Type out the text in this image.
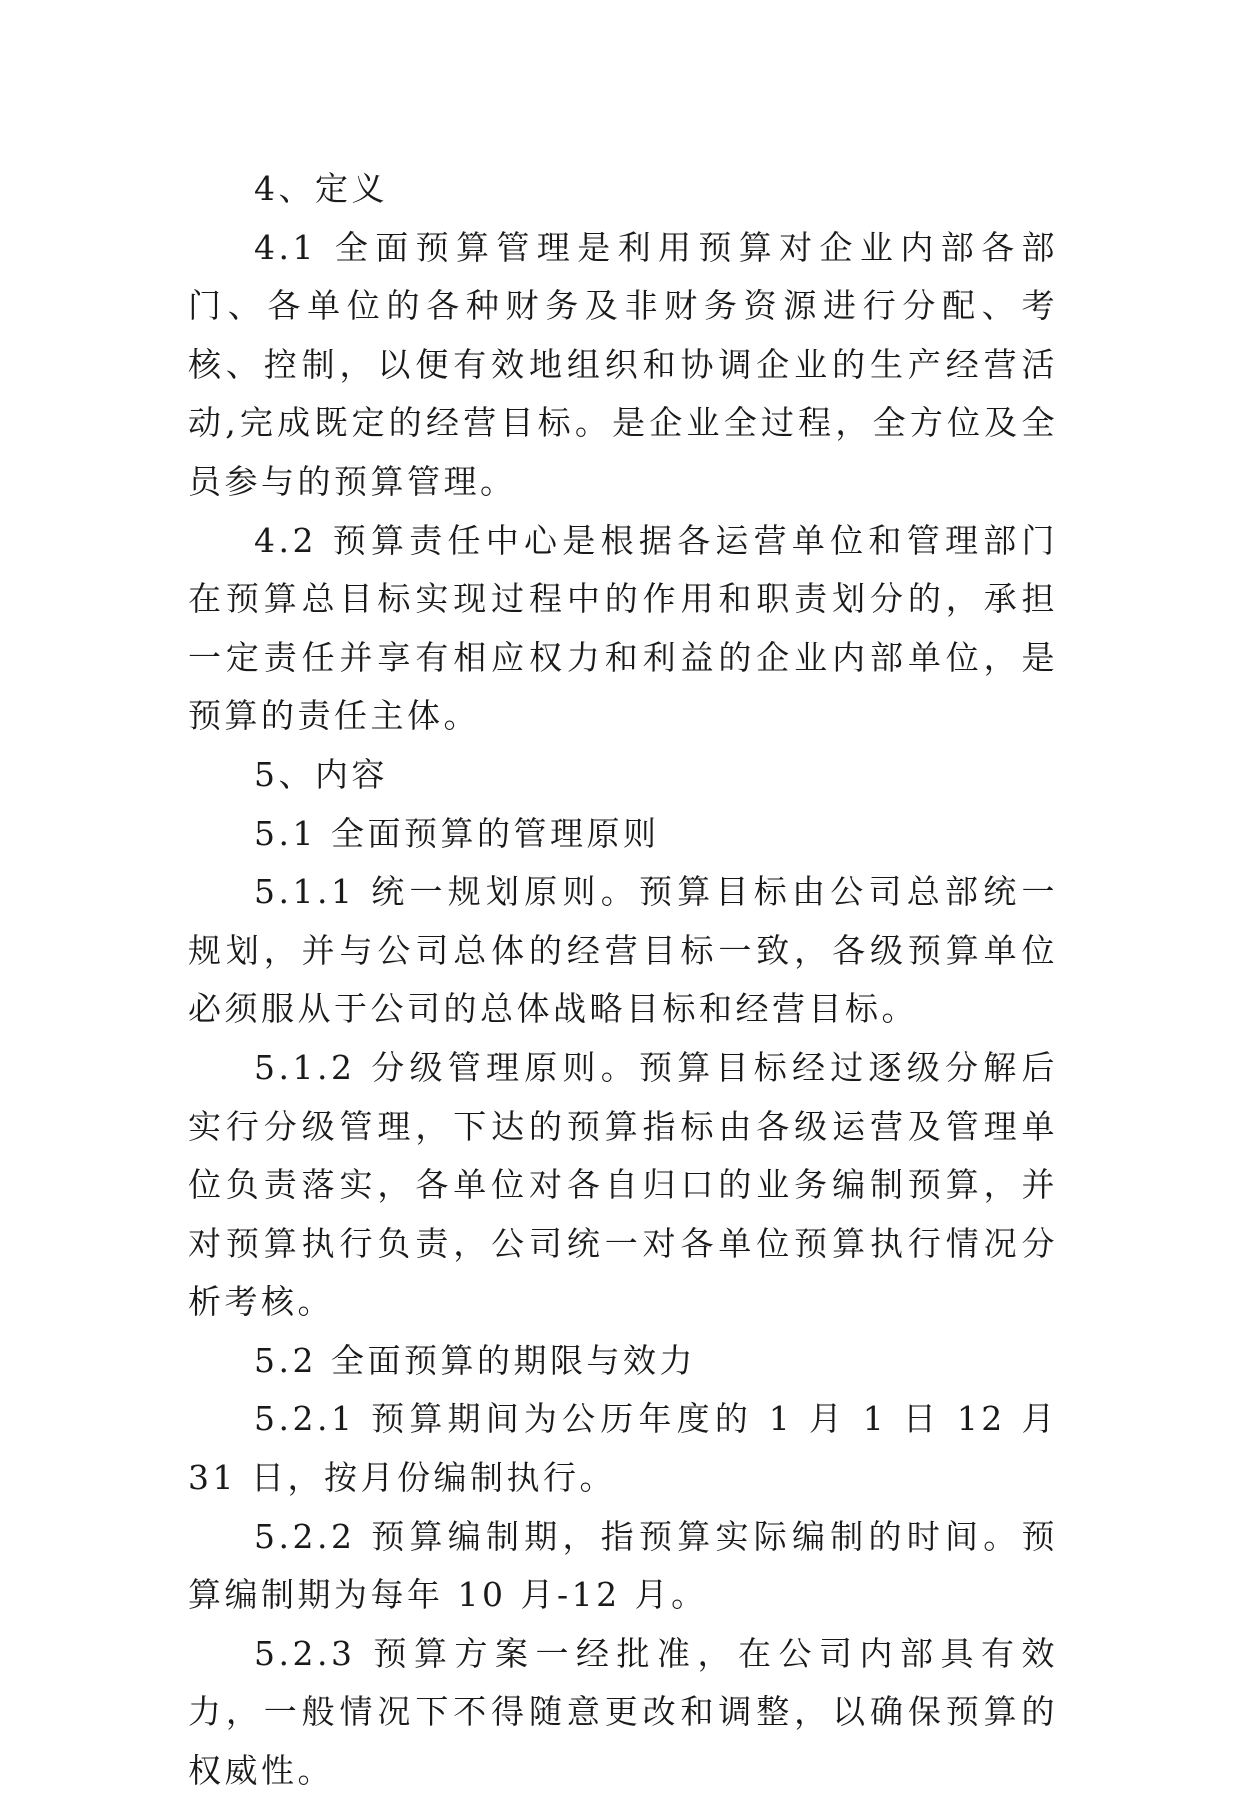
4、定义

4.1 全面预算管理是利用预算对企业内部各部门、各单位的各种财务及非财务资源进行分配、考核、控制，以便有效地组织和协调企业的生产经营活动,完成既定的经营目标。是企业全过程，全方位及全员参与的预算管理。

4.2 预算责任中心是根据各运营单位和管理部门在预算总目标实现过程中的作用和职责划分的，承担一定责任并享有相应权力和利益的企业内部单位，是预算的责任主体。

5、内容

5.1 全面预算的管理原则

5.1.1 统一规划原则。预算目标由公司总部统一规划，并与公司总体的经营目标一致，各级预算单位必须服从于公司的总体战略目标和经营目标。

5.1.2 分级管理原则。预算目标经过逐级分解后实行分级管理，下达的预算指标由各级运营及管理单位负责落实，各单位对各自归口的业务编制预算，并对预算执行负责，公司统一对各单位预算执行情况分析考核。

5.2 全面预算的期限与效力

5.2.1 预算期间为公历年度的 1 月 1 日 12 月 31 日，按月份编制执行。

5.2.2 预算编制期，指预算实际编制的时间。预算编制期为每年 10 月-12 月。

5.2.3 预算方案一经批准，在公司内部具有效力，一般情况下不得随意更改和调整，以确保预算的权威性。
